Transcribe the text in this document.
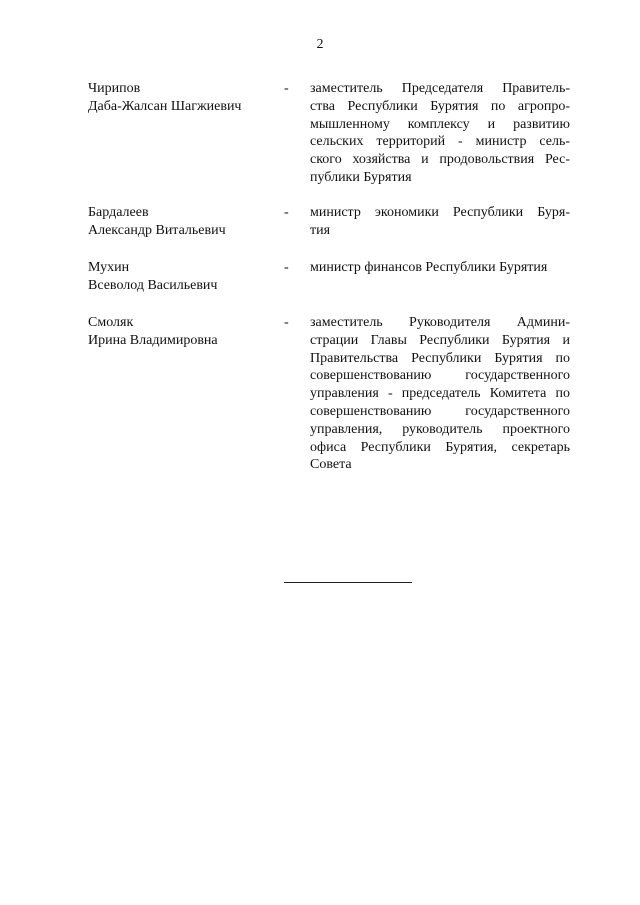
2
Чирипов
Даба-Жалсан Шагжиевич
-	заместитель Председателя Правитель-
ства Республики Бурятия по агропро-
мышленному комплексу и развитию
сельских территорий - министр сель-
ского хозяйства и продовольствия Рес-
публики Бурятия
Бардалеев
Александр Витальевич
-	министр экономики Республики Буря-
тия
Мухин
Всеволод Васильевич
-	министр финансов Республики Бурятия
Смоляк
Ирина Владимировна
-	заместитель Руководителя Админи-
страции Главы Республики Бурятия и
Правительства Республики Бурятия по
совершенствованию государственного
управления - председатель Комитета по
совершенствованию государственного
управления, руководитель проектного
офиса Республики Бурятия, секретарь
Совета
